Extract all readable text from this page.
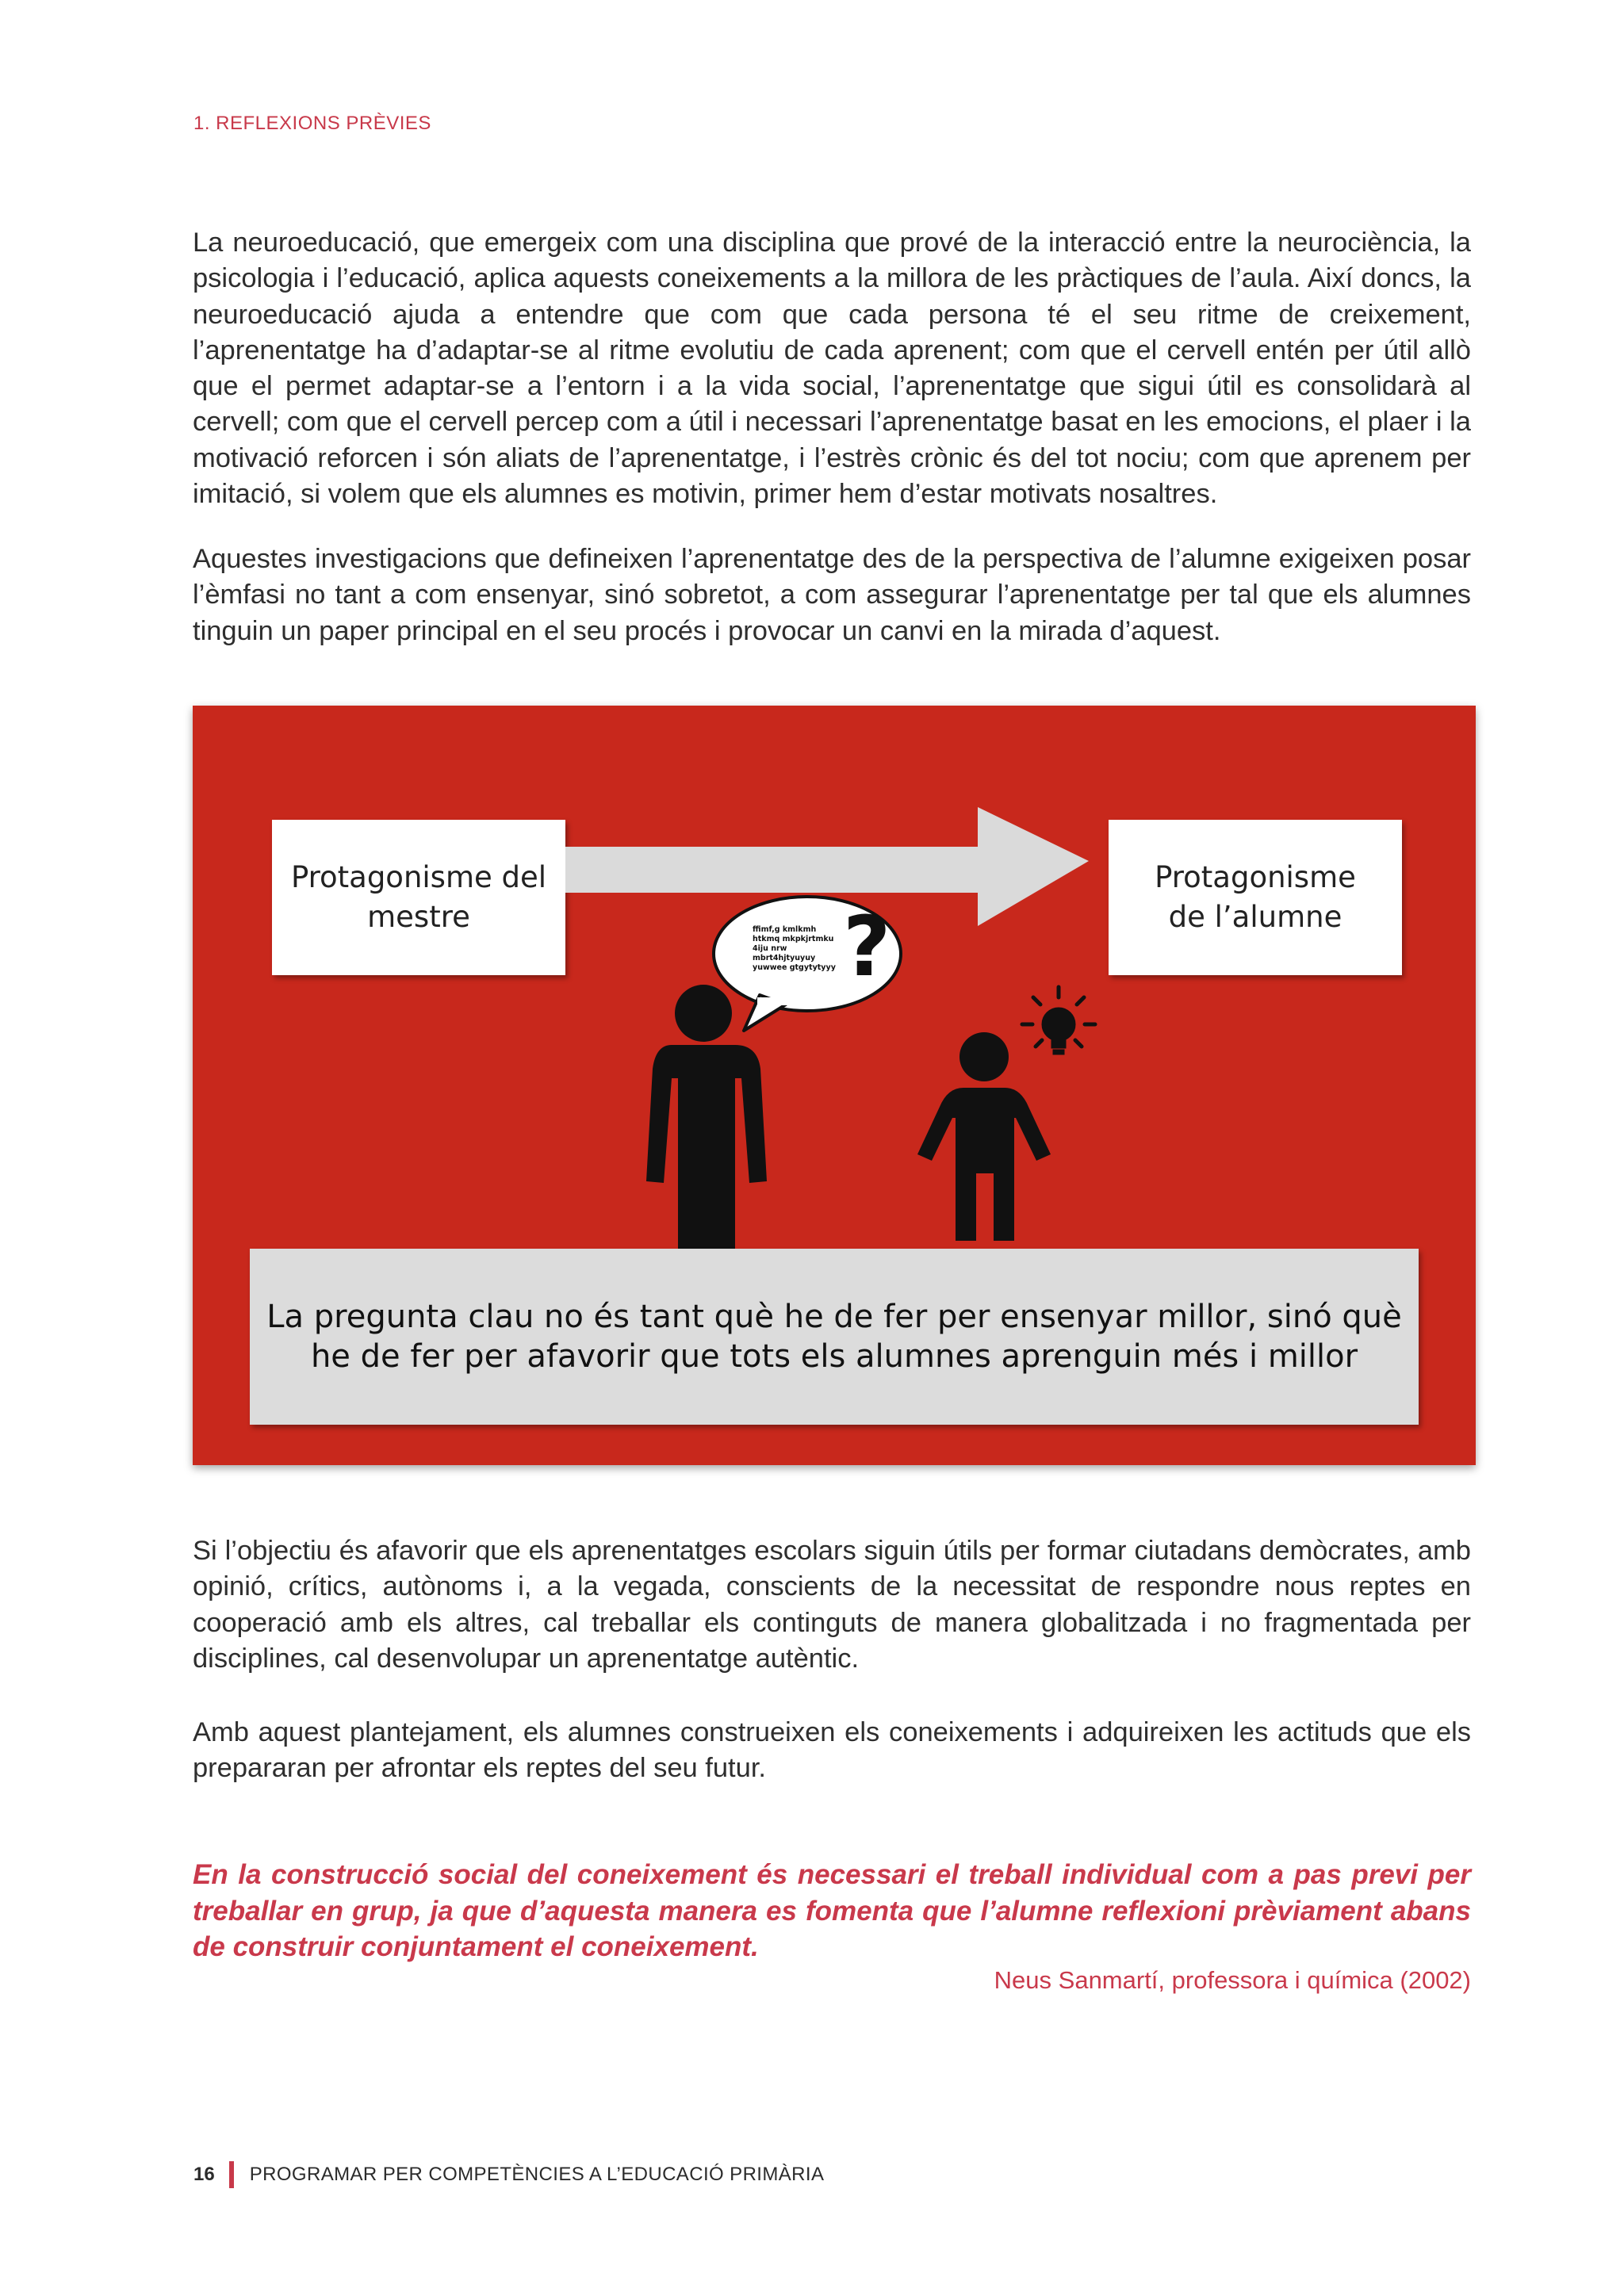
1. REFLEXIONS PRÈVIES

La neuroeducació, que emergeix com una disciplina que prové de la interacció entre la neurociència, la psicologia i l’educació, aplica aquests coneixements a la millora de les pràctiques de l’aula. Així doncs, la neuroeducació ajuda a entendre que com que cada persona té el seu ritme de creixement, l’aprenentatge ha d’adaptar-se al ritme evolutiu de cada aprenent; com que el cervell entén per útil allò que el permet adaptar-se a l’entorn i a la vida social, l’aprenentatge que sigui útil es consolidarà al cervell; com que el cervell percep com a útil i necessari l’aprenentatge basat en les emocions, el plaer i la motivació reforcen i són aliats de l’aprenentatge, i l’estrès crònic és del tot nociu; com que aprenem per imitació, si volem que els alumnes es motivin, primer hem d’estar motivats nosaltres.

Aquestes investigacions que defineixen l’aprenentatge des de la perspectiva de l’alumne exigeixen posar l’èmfasi no tant a com ensenyar, sinó sobretot, a com assegurar l’aprenentatge per tal que els alumnes tinguin un paper principal en el seu procés i provocar un canvi en la mirada d’aquest.

Protagonisme del
mestre
Protagonisme
de l’alumne
ffimf,g kmlkmh
htkmq mkpkjrtmku
4iju nrw
mbrt4hjtyuyuy
yuwwee gtgytytyyy ?
La pregunta clau no és tant què he de fer per ensenyar millor, sinó què
he de fer per afavorir que tots els alumnes aprenguin més i millor

Si l’objectiu és afavorir que els aprenentatges escolars siguin útils per formar ciutadans demòcrates, amb opinió, crítics, autònoms i, a la vegada, conscients de la necessitat de respondre nous reptes en cooperació amb els altres, cal treballar els continguts de manera globalitzada i no fragmentada per disciplines, cal desenvolupar un aprenentatge autèntic.

Amb aquest plantejament, els alumnes construeixen els coneixements i adquireixen les actituds que els prepararan per afrontar els reptes del seu futur.

En la construcció social del coneixement és necessari el treball individual com a pas previ per treballar en grup, ja que d’aquesta manera es fomenta que l’alumne reflexioni prèviament abans de construir conjuntament el coneixement.

Neus Sanmartí, professora i química (2002)
16 PROGRAMAR PER COMPETÈNCIES A L’EDUCACIÓ PRIMÀRIA
